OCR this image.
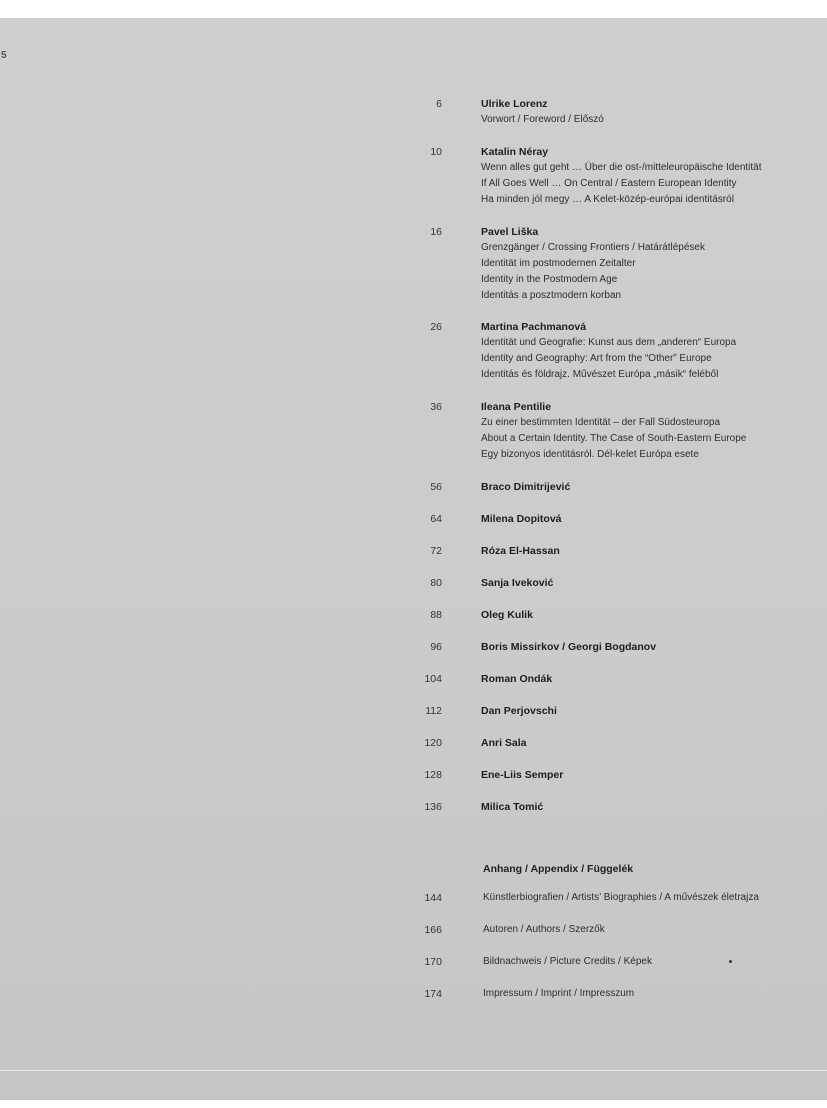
5
6	Ulrike Lorenz
Vorwort / Foreword / Előszó
10	Katalin Néray
Wenn alles gut geht … Über die ost-/mitteleuropäische Identität
If All Goes Well … On Central / Eastern European Identity
Ha minden jól megy … A Kelet-közép-európai identitásról
16	Pavel Liška
Grenzgänger / Crossing Frontiers / Határátlépések
Identität im postmodernen Zeitalter
Identity in the Postmodern Age
Identitás a posztmodern korban
26	Martina Pachmanová
Identität und Geografie: Kunst aus dem „anderen“ Europa
Identity and Geography: Art from the “Other” Europe
Identitás és földrajz. Művészet Európa „másik“ feléből
36	Ileana Pentilie
Zu einer bestimmten Identität – der Fall Südosteuropa
About a Certain Identity. The Case of South-Eastern Europe
Egy bizonyos identitásról. Dél-kelet Európa esete
56	Braco Dimitrijević
64	Milena Dopitová
72	Róza El-Hassan
80	Sanja Iveković
88	Oleg Kulik
96	Boris Missirkov / Georgi Bogdanov
104	Roman Ondák
112	Dan Perjovschi
120	Anri Sala
128	Ene-Liis Semper
136	Milica Tomić
Anhang / Appendix / Függelék
144	Künstlerbiografien / Artists’ Biographies / A művészek életrajza
166	Autoren / Authors / Szerzők
170	Bildnachweis / Picture Credits / Képek
174	Impressum / Imprint / Impresszum
